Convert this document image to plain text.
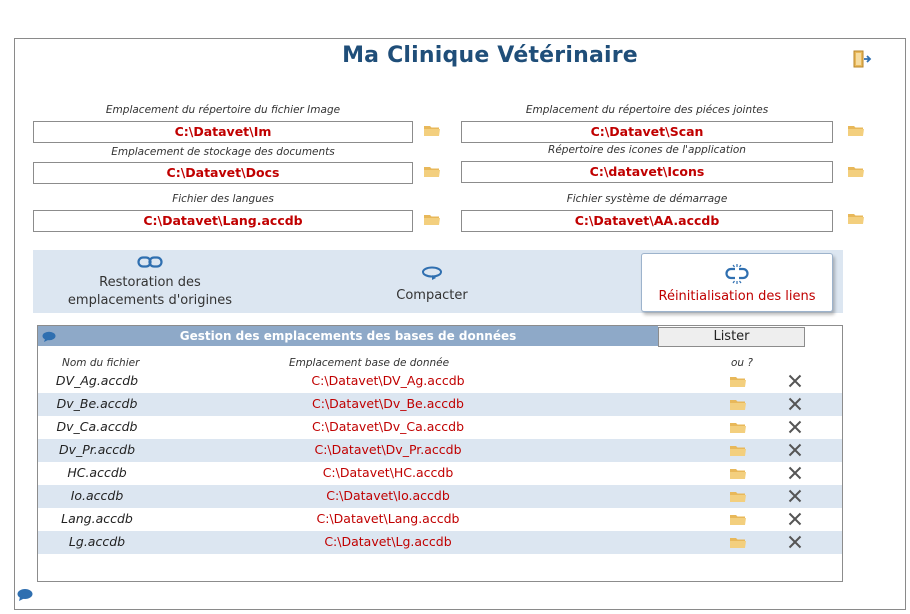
Ma Clinique Vétérinaire
Emplacement du répertoire du fichier Image
C:\Datavet\Im
Emplacement du répertoire des piéces jointes
C:\Datavet\Scan
Emplacement de stockage des documents
C:\Datavet\Docs
Répertoire des icones de l'application
C:\datavet\Icons
Fichier des langues
C:\Datavet\Lang.accdb
Fichier système de démarrage
C:\Datavet\AA.accdb
Restoration des
emplacements d'origines	Compacter	Réinitialisation des liens
Gestion des emplacements des bases de données	Lister
Nom du fichier	Emplacement base de donnée	ou ?
DV_Ag.accdb	C:\Datavet\DV_Ag.accdb
Dv_Be.accdb	C:\Datavet\Dv_Be.accdb
Dv_Ca.accdb	C:\Datavet\Dv_Ca.accdb
Dv_Pr.accdb	C:\Datavet\Dv_Pr.accdb
HC.accdb	C:\Datavet\HC.accdb
Io.accdb	C:\Datavet\Io.accdb
Lang.accdb	C:\Datavet\Lang.accdb
Lg.accdb	C:\Datavet\Lg.accdb
